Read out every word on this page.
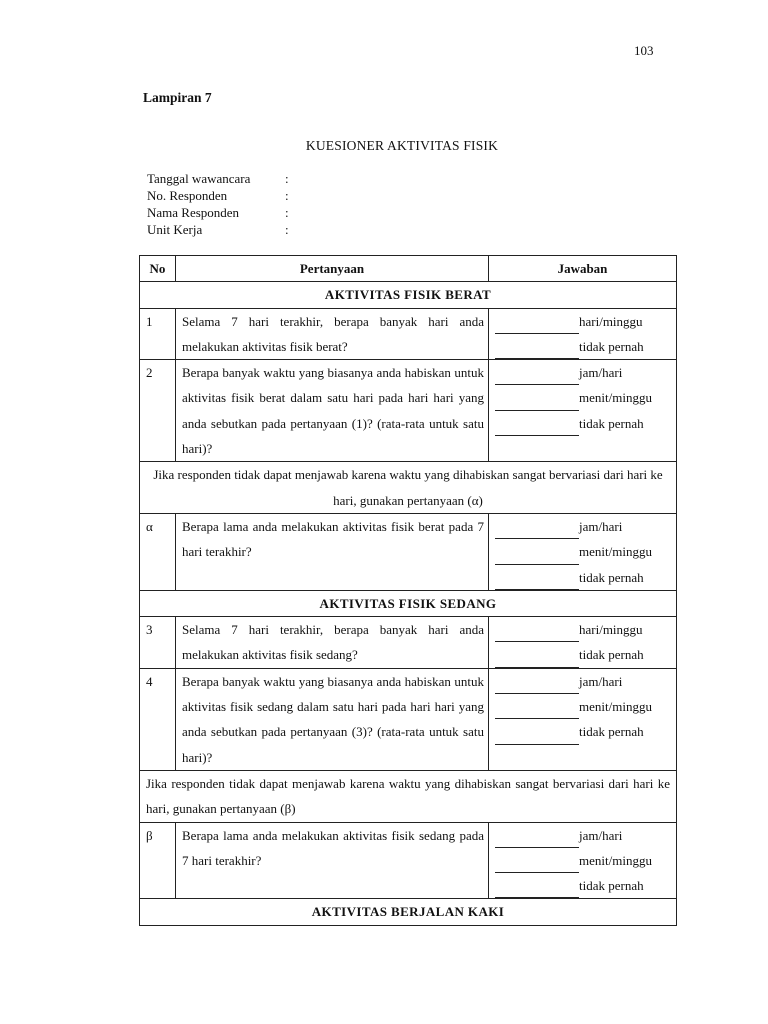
103
Lampiran 7
KUESIONER AKTIVITAS FISIK
Tanggal wawancara	:
No. Responden	:
Nama Responden	:
Unit Kerja	:
No	Pertanyaan	Jawaban
AKTIVITAS FISIK BERAT		
1	Selama 7 hari terakhir, berapa banyak hari anda melakukan aktivitas fisik berat?	hari/minggu
tidak pernah

2	Berapa banyak waktu yang biasanya anda habiskan untuk aktivitas fisik berat dalam satu hari pada hari hari yang anda sebutkan pada pertanyaan (1)? (rata-rata untuk satu hari)?	jam/hari
menit/minggu
tidak pernah

Jika responden tidak dapat menjawab karena waktu yang dihabiskan sangat bervariasi dari hari ke hari, gunakan pertanyaan (α)		
α	Berapa lama anda melakukan aktivitas fisik berat pada 7 hari terakhir?	jam/hari
menit/minggu
tidak pernah

AKTIVITAS FISIK SEDANG		
3	Selama 7 hari terakhir, berapa banyak hari anda melakukan aktivitas fisik sedang?	hari/minggu
tidak pernah

4	Berapa banyak waktu yang biasanya anda habiskan untuk aktivitas fisik sedang dalam satu hari pada hari hari yang anda sebutkan pada pertanyaan (3)? (rata-rata untuk satu hari)?	jam/hari
menit/minggu
tidak pernah

Jika responden tidak dapat menjawab karena waktu yang dihabiskan sangat bervariasi dari hari ke hari, gunakan pertanyaan (β)		
β	Berapa lama anda melakukan aktivitas fisik sedang pada 7 hari terakhir?	jam/hari
menit/minggu
tidak pernah

AKTIVITAS BERJALAN KAKI		
